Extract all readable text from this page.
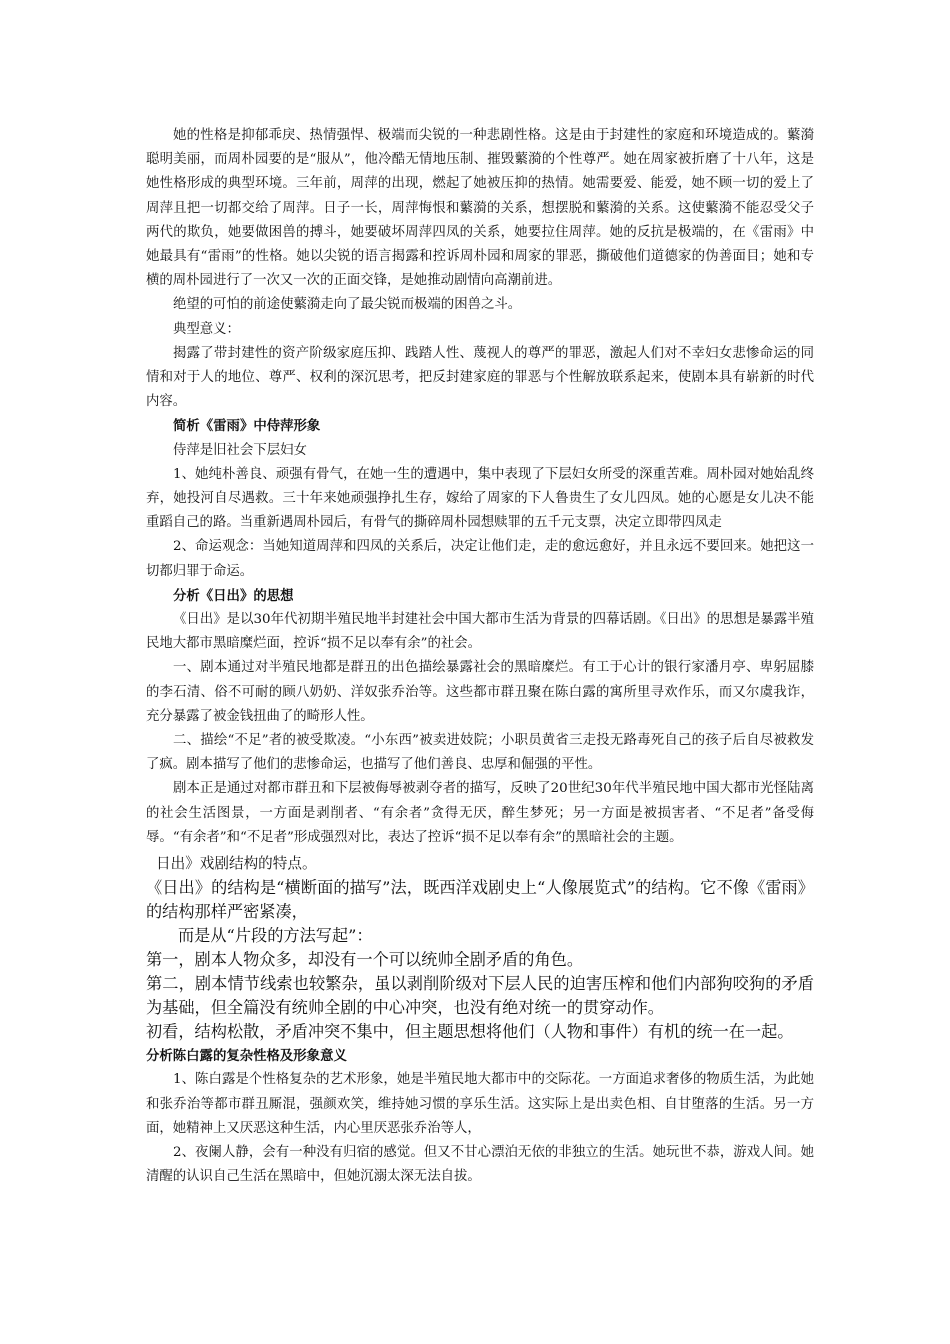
她的性格是抑郁乖戾、热情强悍、极端而尖锐的一种悲剧性格。这是由于封建性的家庭和环境造成的。蘩漪聪明美丽，而周朴园要的是“服从”，他冷酷无情地压制、摧毁蘩漪的个性尊严。她在周家被折磨了十八年，这是她性格形成的典型环境。三年前，周萍的出现，燃起了她被压抑的热情。她需要爱、能爱，她不顾一切的爱上了周萍且把一切都交给了周萍。日子一长，周萍悔恨和蘩漪的关系，想摆脱和蘩漪的关系。这使蘩漪不能忍受父子两代的欺负，她要做困兽的搏斗，她要破坏周萍四凤的关系，她要拉住周萍。她的反抗是极端的，在《雷雨》中她最具有“雷雨”的性格。她以尖锐的语言揭露和控诉周朴园和周家的罪恶，撕破他们道德家的伪善面目；她和专横的周朴园进行了一次又一次的正面交锋，是她推动剧情向高潮前进。

绝望的可怕的前途使蘩漪走向了最尖锐而极端的困兽之斗。

典型意义：

揭露了带封建性的资产阶级家庭压抑、践踏人性、蔑视人的尊严的罪恶，激起人们对不幸妇女悲惨命运的同情和对于人的地位、尊严、权利的深沉思考，把反封建家庭的罪恶与个性解放联系起来，使剧本具有崭新的时代内容。

简析《雷雨》中侍萍形象

侍萍是旧社会下层妇女

1、她纯朴善良、顽强有骨气，在她一生的遭遇中，集中表现了下层妇女所受的深重苦难。周朴园对她始乱终弃，她投河自尽遇救。三十年来她顽强挣扎生存，嫁给了周家的下人鲁贵生了女儿四凤。她的心愿是女儿决不能重蹈自己的路。当重新遇周朴园后，有骨气的撕碎周朴园想赎罪的五千元支票，决定立即带四凤走

2、命运观念：当她知道周萍和四凤的关系后，决定让他们走，走的愈远愈好，并且永远不要回来。她把这一切都归罪于命运。

分析《日出》的思想

《日出》是以30年代初期半殖民地半封建社会中国大都市生活为背景的四幕话剧。《日出》的思想是暴露半殖民地大都市黑暗糜烂面，控诉“损不足以奉有余”的社会。

一、剧本通过对半殖民地都是群丑的出色描绘暴露社会的黑暗糜烂。有工于心计的银行家潘月亭、卑躬屈膝的李石清、俗不可耐的顾八奶奶、洋奴张乔治等。这些都市群丑聚在陈白露的寓所里寻欢作乐，而又尔虞我诈，充分暴露了被金钱扭曲了的畸形人性。

二、描绘“不足”者的被受欺凌。“小东西”被卖进妓院；小职员黄省三走投无路毒死自己的孩子后自尽被救发了疯。剧本描写了他们的悲惨命运，也描写了他们善良、忠厚和倔强的平性。

剧本正是通过对都市群丑和下层被侮辱被剥夺者的描写，反映了20世纪30年代半殖民地中国大都市光怪陆离的社会生活图景，一方面是剥削者、“有余者”贪得无厌，醉生梦死；另一方面是被损害者、“不足者”备受侮辱。“有余者”和“不足者”形成强烈对比，表达了控诉“损不足以奉有余”的黑暗社会的主题。

日出》戏剧结构的特点。

《日出》的结构是“横断面的描写”法，既西洋戏剧史上“人像展览式”的结构。它不像《雷雨》的结构那样严密紧凑，
而是从“片段的方法写起”：

第一，剧本人物众多，却没有一个可以统帅全剧矛盾的角色。

第二，剧本情节线索也较繁杂，虽以剥削阶级对下层人民的迫害压榨和他们内部狗咬狗的矛盾为基础，但全篇没有统帅全剧的中心冲突，也没有绝对统一的贯穿动作。

初看，结构松散，矛盾冲突不集中，但主题思想将他们（人物和事件）有机的统一在一起。

分析陈白露的复杂性格及形象意义

1、陈白露是个性格复杂的艺术形象，她是半殖民地大都市中的交际花。一方面追求奢侈的物质生活，为此她和张乔治等都市群丑厮混，强颜欢笑，维持她习惯的享乐生活。这实际上是出卖色相、自甘堕落的生活。另一方面，她精神上又厌恶这种生活，内心里厌恶张乔治等人，

2、夜阑人静，会有一种没有归宿的感觉。但又不甘心漂泊无依的非独立的生活。她玩世不恭，游戏人间。她清醒的认识自己生活在黑暗中，但她沉溺太深无法自拔。
